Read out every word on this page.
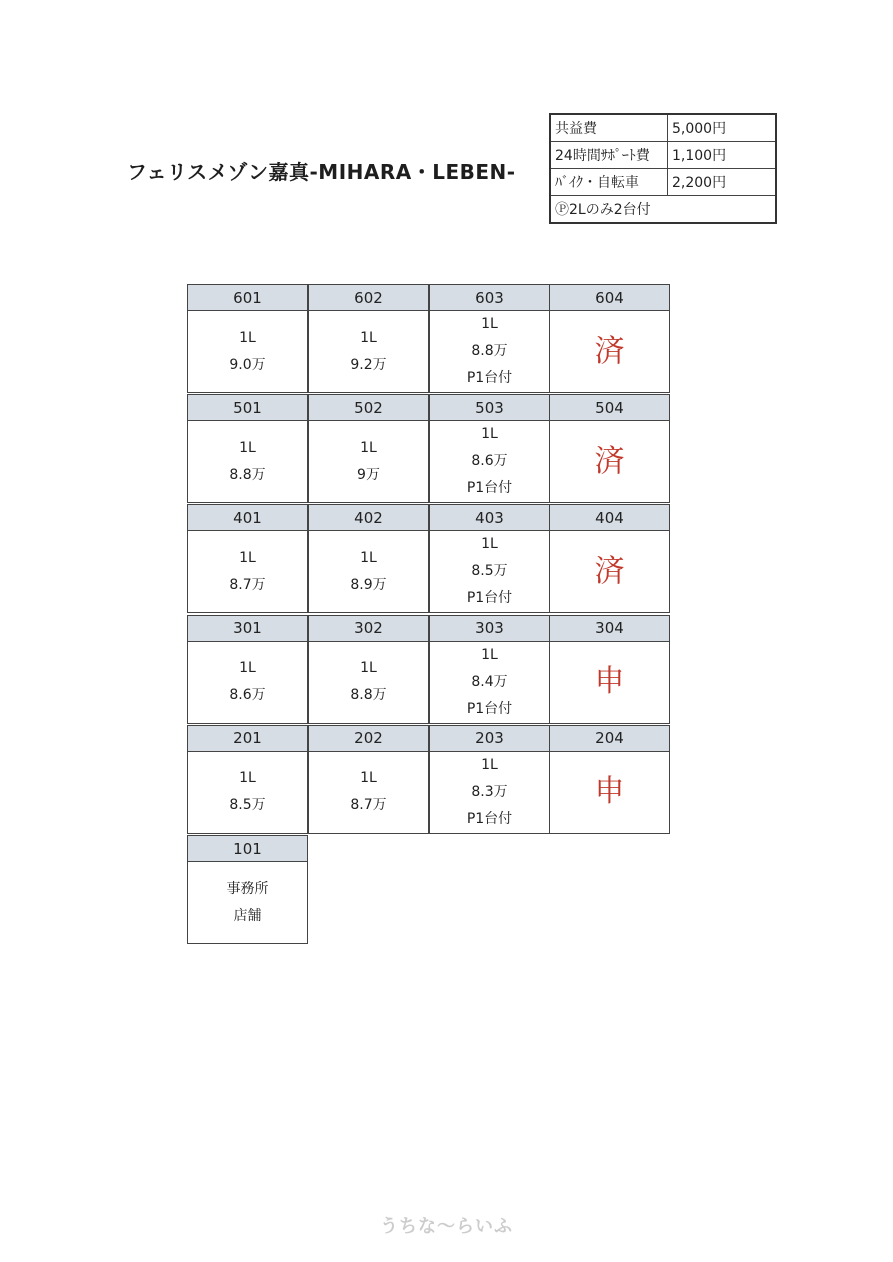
フェリスメゾン嘉真-MIHARA・LEBEN-
共益費	5,000円
24時間ｻﾎﾟｰﾄ費	1,100円
ﾊﾞｲｸ・自転車	2,200円
Ⓟ2Lのみ2台付	
601
1L
9.0万
602
1L
9.2万
603
1L
8.8万
P1台付
604
済
501
1L
8.8万
502
1L
9万
503
1L
8.6万
P1台付
504
済
401
1L
8.7万
402
1L
8.9万
403
1L
8.5万
P1台付
404
済
301
1L
8.6万
302
1L
8.8万
303
1L
8.4万
P1台付
304
申
201
1L
8.5万
202
1L
8.7万
203
1L
8.3万
P1台付
204
申
101
事務所
店舗
うちな〜らいふ
